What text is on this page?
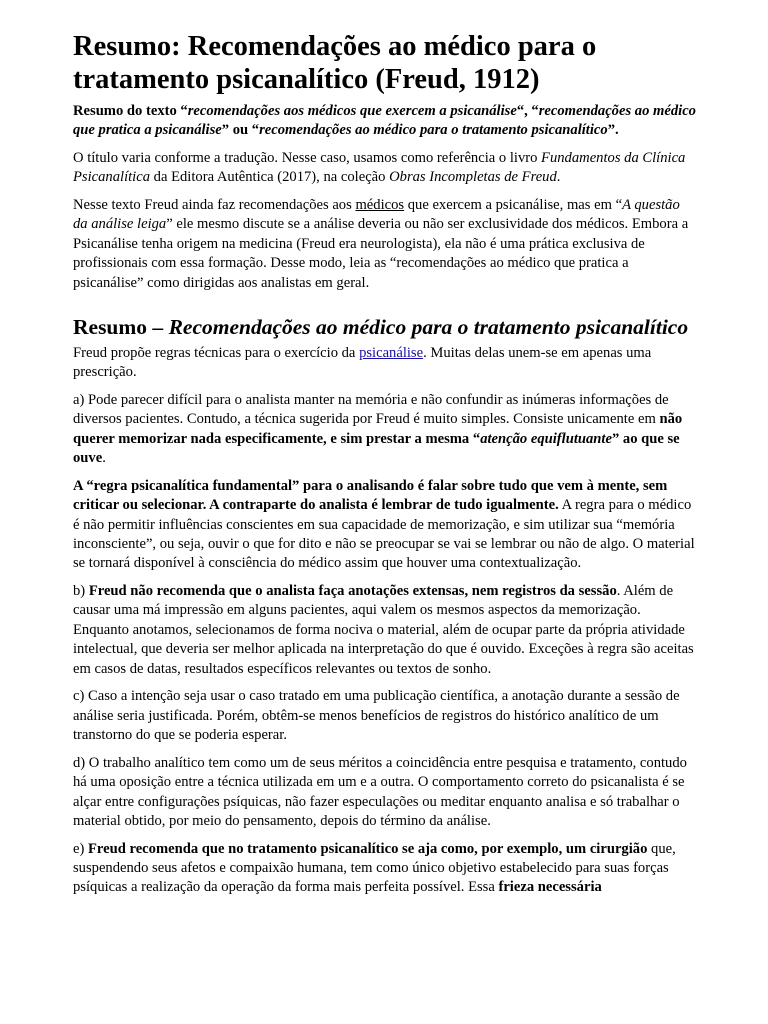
Resumo: Recomendações ao médico para o
tratamento psicanalítico (Freud, 1912)

Resumo do texto “recomendações aos médicos que exercem a psicanálise“, “recomendações ao médico que pratica a psicanálise” ou “recomendações ao médico para o tratamento psicanalítico”.

O título varia conforme a tradução. Nesse caso, usamos como referência o livro Fundamentos da Clínica Psicanalítica da Editora Autêntica (2017), na coleção Obras Incompletas de Freud.

Nesse texto Freud ainda faz recomendações aos médicos que exercem a psicanálise, mas em “A questão da análise leiga” ele mesmo discute se a análise deveria ou não ser exclusividade dos médicos. Embora a Psicanálise tenha origem na medicina (Freud era neurologista), ela não é uma prática exclusiva de profissionais com essa formação. Desse modo, leia as “recomendações ao médico que pratica a psicanálise” como dirigidas aos analistas em geral.

Resumo – Recomendações ao médico para o tratamento psicanalítico

Freud propõe regras técnicas para o exercício da psicanálise. Muitas delas unem-se em apenas uma prescrição.

a) Pode parecer difícil para o analista manter na memória e não confundir as inúmeras informações de diversos pacientes. Contudo, a técnica sugerida por Freud é muito simples. Consiste unicamente em não querer memorizar nada especificamente, e sim prestar a mesma “atenção equiflutuante” ao que se ouve.

A “regra psicanalítica fundamental” para o analisando é falar sobre tudo que vem à mente, sem criticar ou selecionar. A contraparte do analista é lembrar de tudo igualmente. A regra para o médico é não permitir influências conscientes em sua capacidade de memorização, e sim utilizar sua “memória inconsciente”, ou seja, ouvir o que for dito e não se preocupar se vai se lembrar ou não de algo. O material se tornará disponível à consciência do médico assim que houver uma contextualização.

b) Freud não recomenda que o analista faça anotações extensas, nem registros da sessão. Além de causar uma má impressão em alguns pacientes, aqui valem os mesmos aspectos da memorização. Enquanto anotamos, selecionamos de forma nociva o material, além de ocupar parte da própria atividade intelectual, que deveria ser melhor aplicada na interpretação do que é ouvido. Exceções à regra são aceitas em casos de datas, resultados específicos relevantes ou textos de sonho.

c) Caso a intenção seja usar o caso tratado em uma publicação científica, a anotação durante a sessão de análise seria justificada. Porém, obtêm-se menos benefícios de registros do histórico analítico de um transtorno do que se poderia esperar.

d) O trabalho analítico tem como um de seus méritos a coincidência entre pesquisa e tratamento, contudo há uma oposição entre a técnica utilizada em um e a outra. O comportamento correto do psicanalista é se alçar entre configurações psíquicas, não fazer especulações ou meditar enquanto analisa e só trabalhar o material obtido, por meio do pensamento, depois do término da análise.

e) Freud recomenda que no tratamento psicanalítico se aja como, por exemplo, um cirurgião que, suspendendo seus afetos e compaixão humana, tem como único objetivo estabelecido para suas forças psíquicas a realização da operação da forma mais perfeita possível. Essa frieza necessária
